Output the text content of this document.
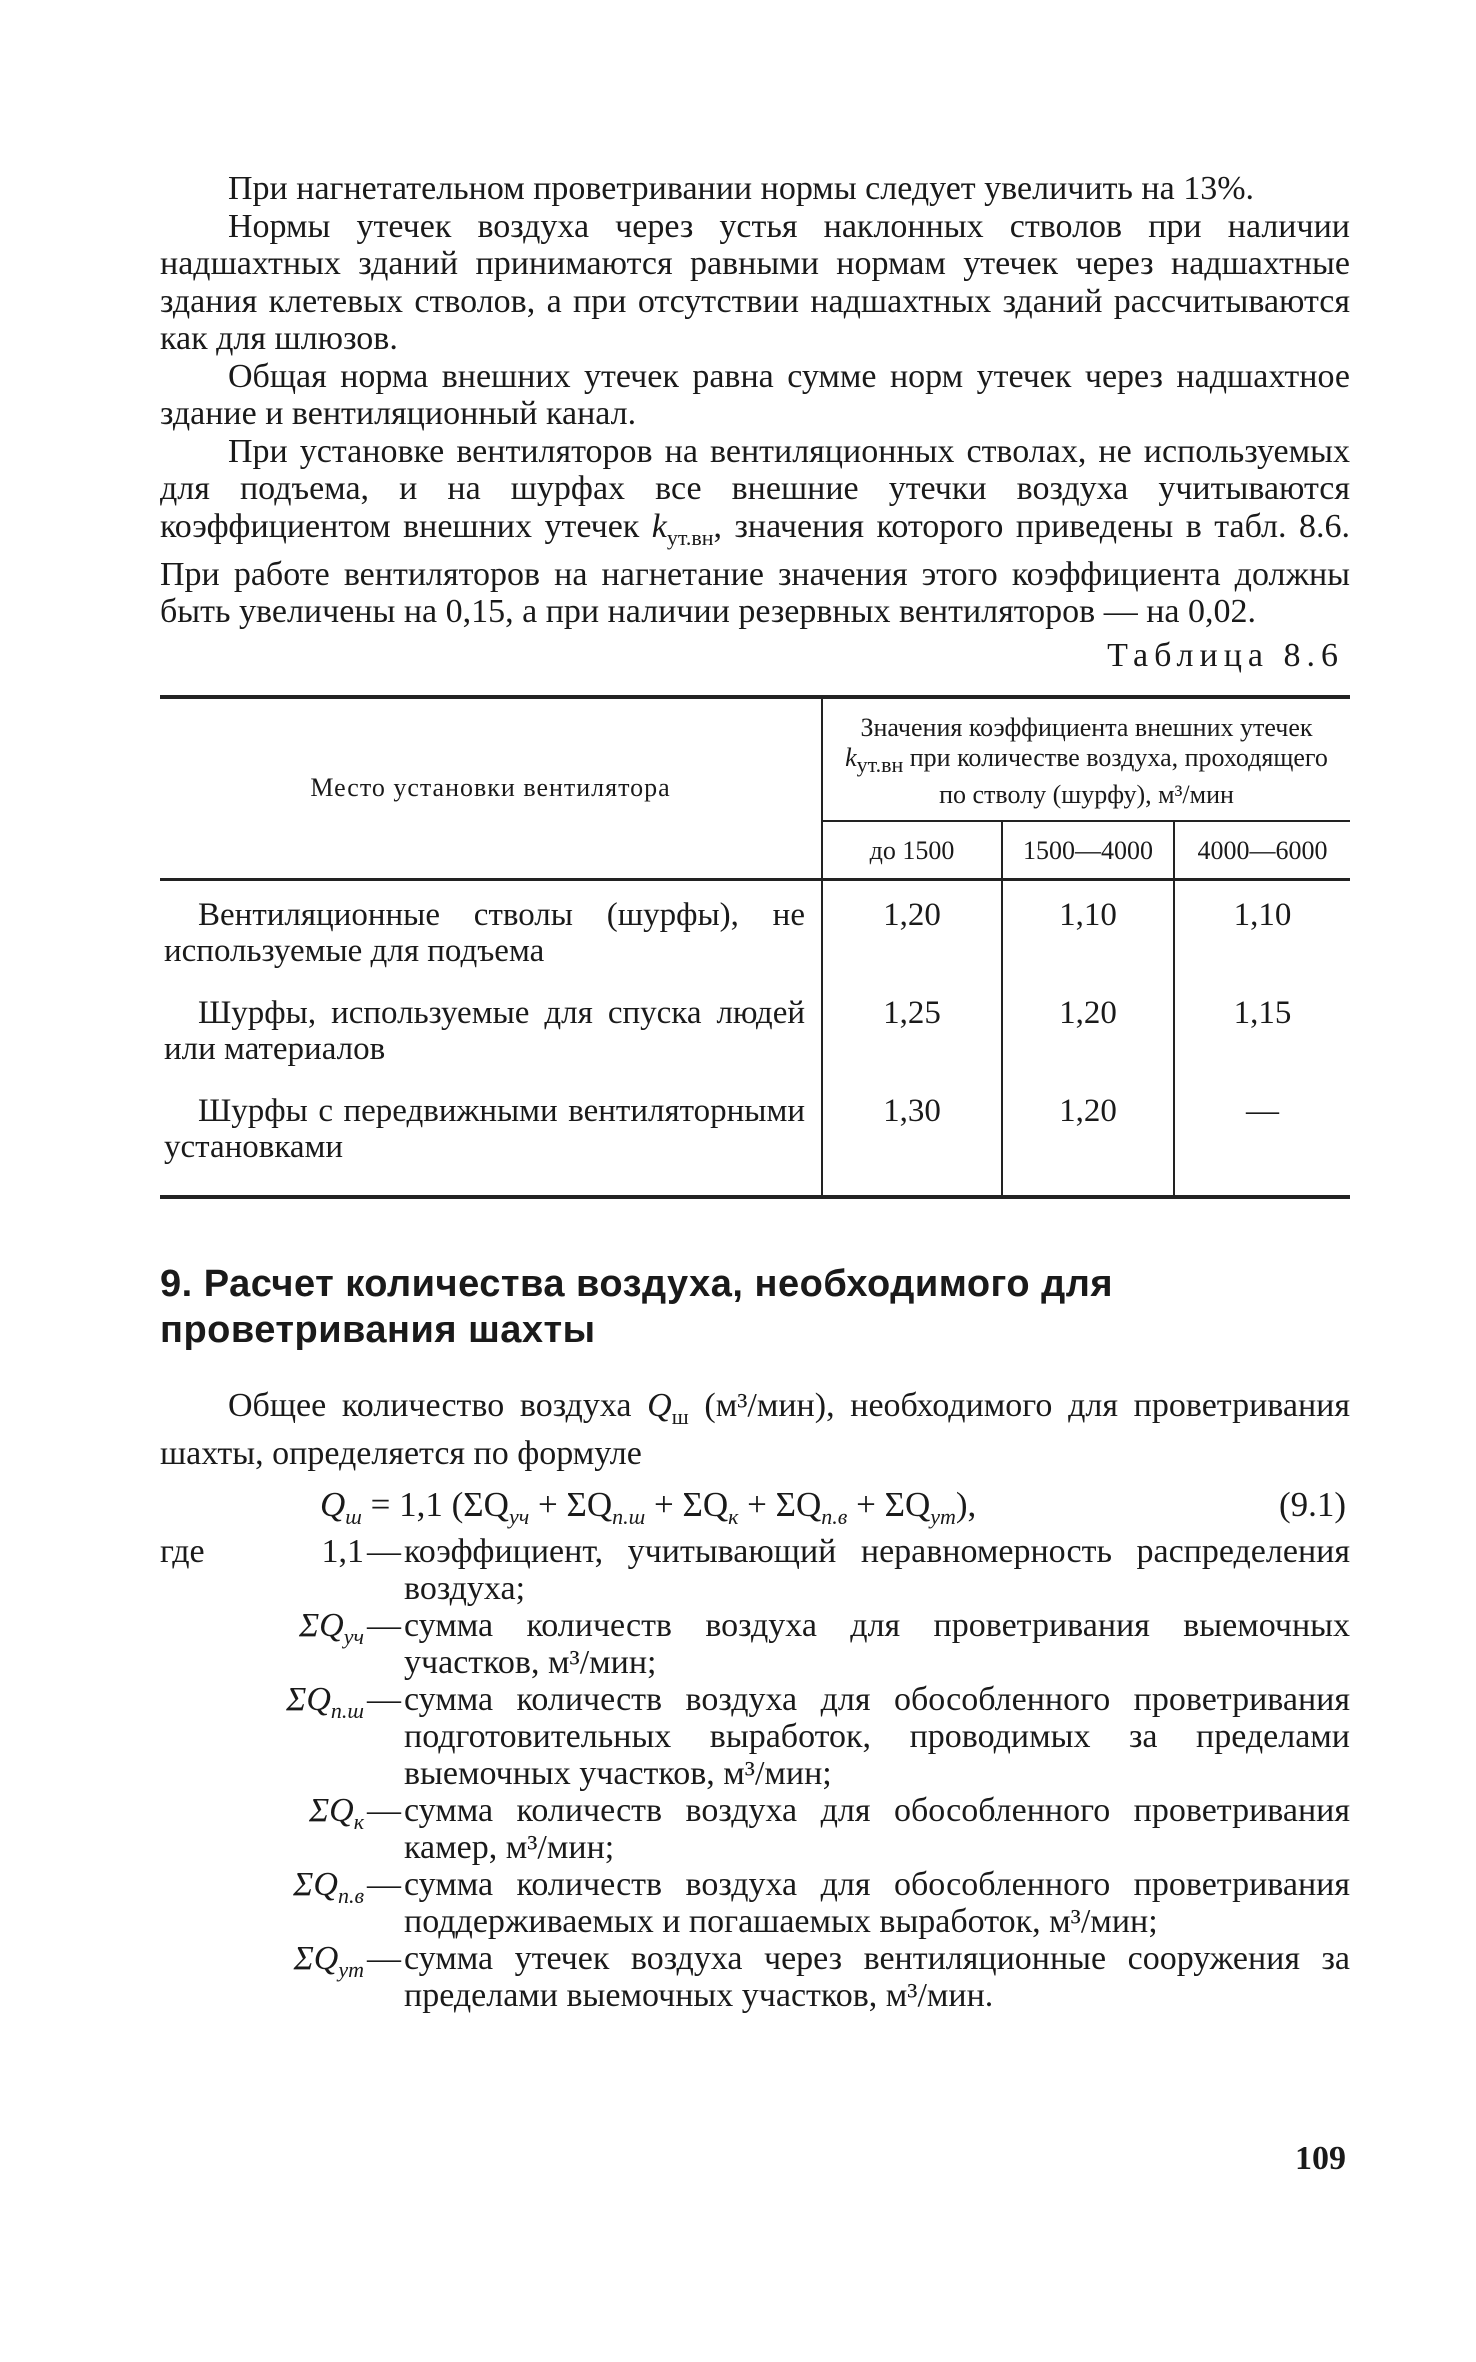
При нагнетательном проветривании нормы следует увеличить на 13%.

Нормы утечек воздуха через устья наклонных стволов при наличии надшахтных зданий принимаются равными нормам утечек через надшахтные здания клетевых стволов, а при отсутствии надшахтных зданий рассчитываются как для шлюзов.

Общая норма внешних утечек равна сумме норм утечек через надшахтное здание и вентиляционный канал.

При установке вентиляторов на вентиляционных стволах, не используемых для подъема, и на шурфах все внешние утечки воздуха учитываются коэффициентом внешних утечек $k_{ут.вн}$, значения которого приведены в табл. 8.6. При работе вентиляторов на нагнетание значения этого коэффициента должны быть увеличены на 0,15, а при наличии резервных вентиляторов — на 0,02.

Таблица 8.6

Место установки вентилятора	Значения коэффициента внешних утечек $k_{ут.вн}$ при количестве воздуха, проходящего по стволу (шурфу), м³/мин		
	до 1500	1500—4000	4000—6000

Вентиляционные стволы (шурфы), не используемые для подъема	1,20	1,10	1,10

Шурфы, используемые для спуска людей или материалов	1,25	1,20	1,15

Шурфы с передвижными вентиляторными установками	1,30	1,20	—
9. Расчет количества воздуха, необходимого для проветривания шахты

Общее количество воздуха $Q_ш$ (м³/мин), необходимого для проветривания шахты, определяется по формуле

$Q_ш = 1,1$ $(\Sigma Q_{уч} + \Sigma Q_{п.ш} + \Sigma Q_к + \Sigma Q_{п.в} + \Sigma Q_{ут})$,	(9.1)
где	1,1 — коэффициент, учитывающий неравномерность распределения воздуха;
$\Sigma Q_{уч}$ — сумма количеств воздуха для проветривания выемочных участков, м³/мин;
$\Sigma Q_{п.ш}$ — сумма количеств воздуха для обособленного проветривания подготовительных выработок, проводимых за пределами выемочных участков, м³/мин;
$\Sigma Q_к$ — сумма количеств воздуха для обособленного проветривания камер, м³/мин;
$\Sigma Q_{п.в}$ — сумма количеств воздуха для обособленного проветривания поддерживаемых и погашаемых выработок, м³/мин;
$\Sigma Q_{ут}$ — сумма утечек воздуха через вентиляционные сооружения за пределами выемочных участков, м³/мин.
109
